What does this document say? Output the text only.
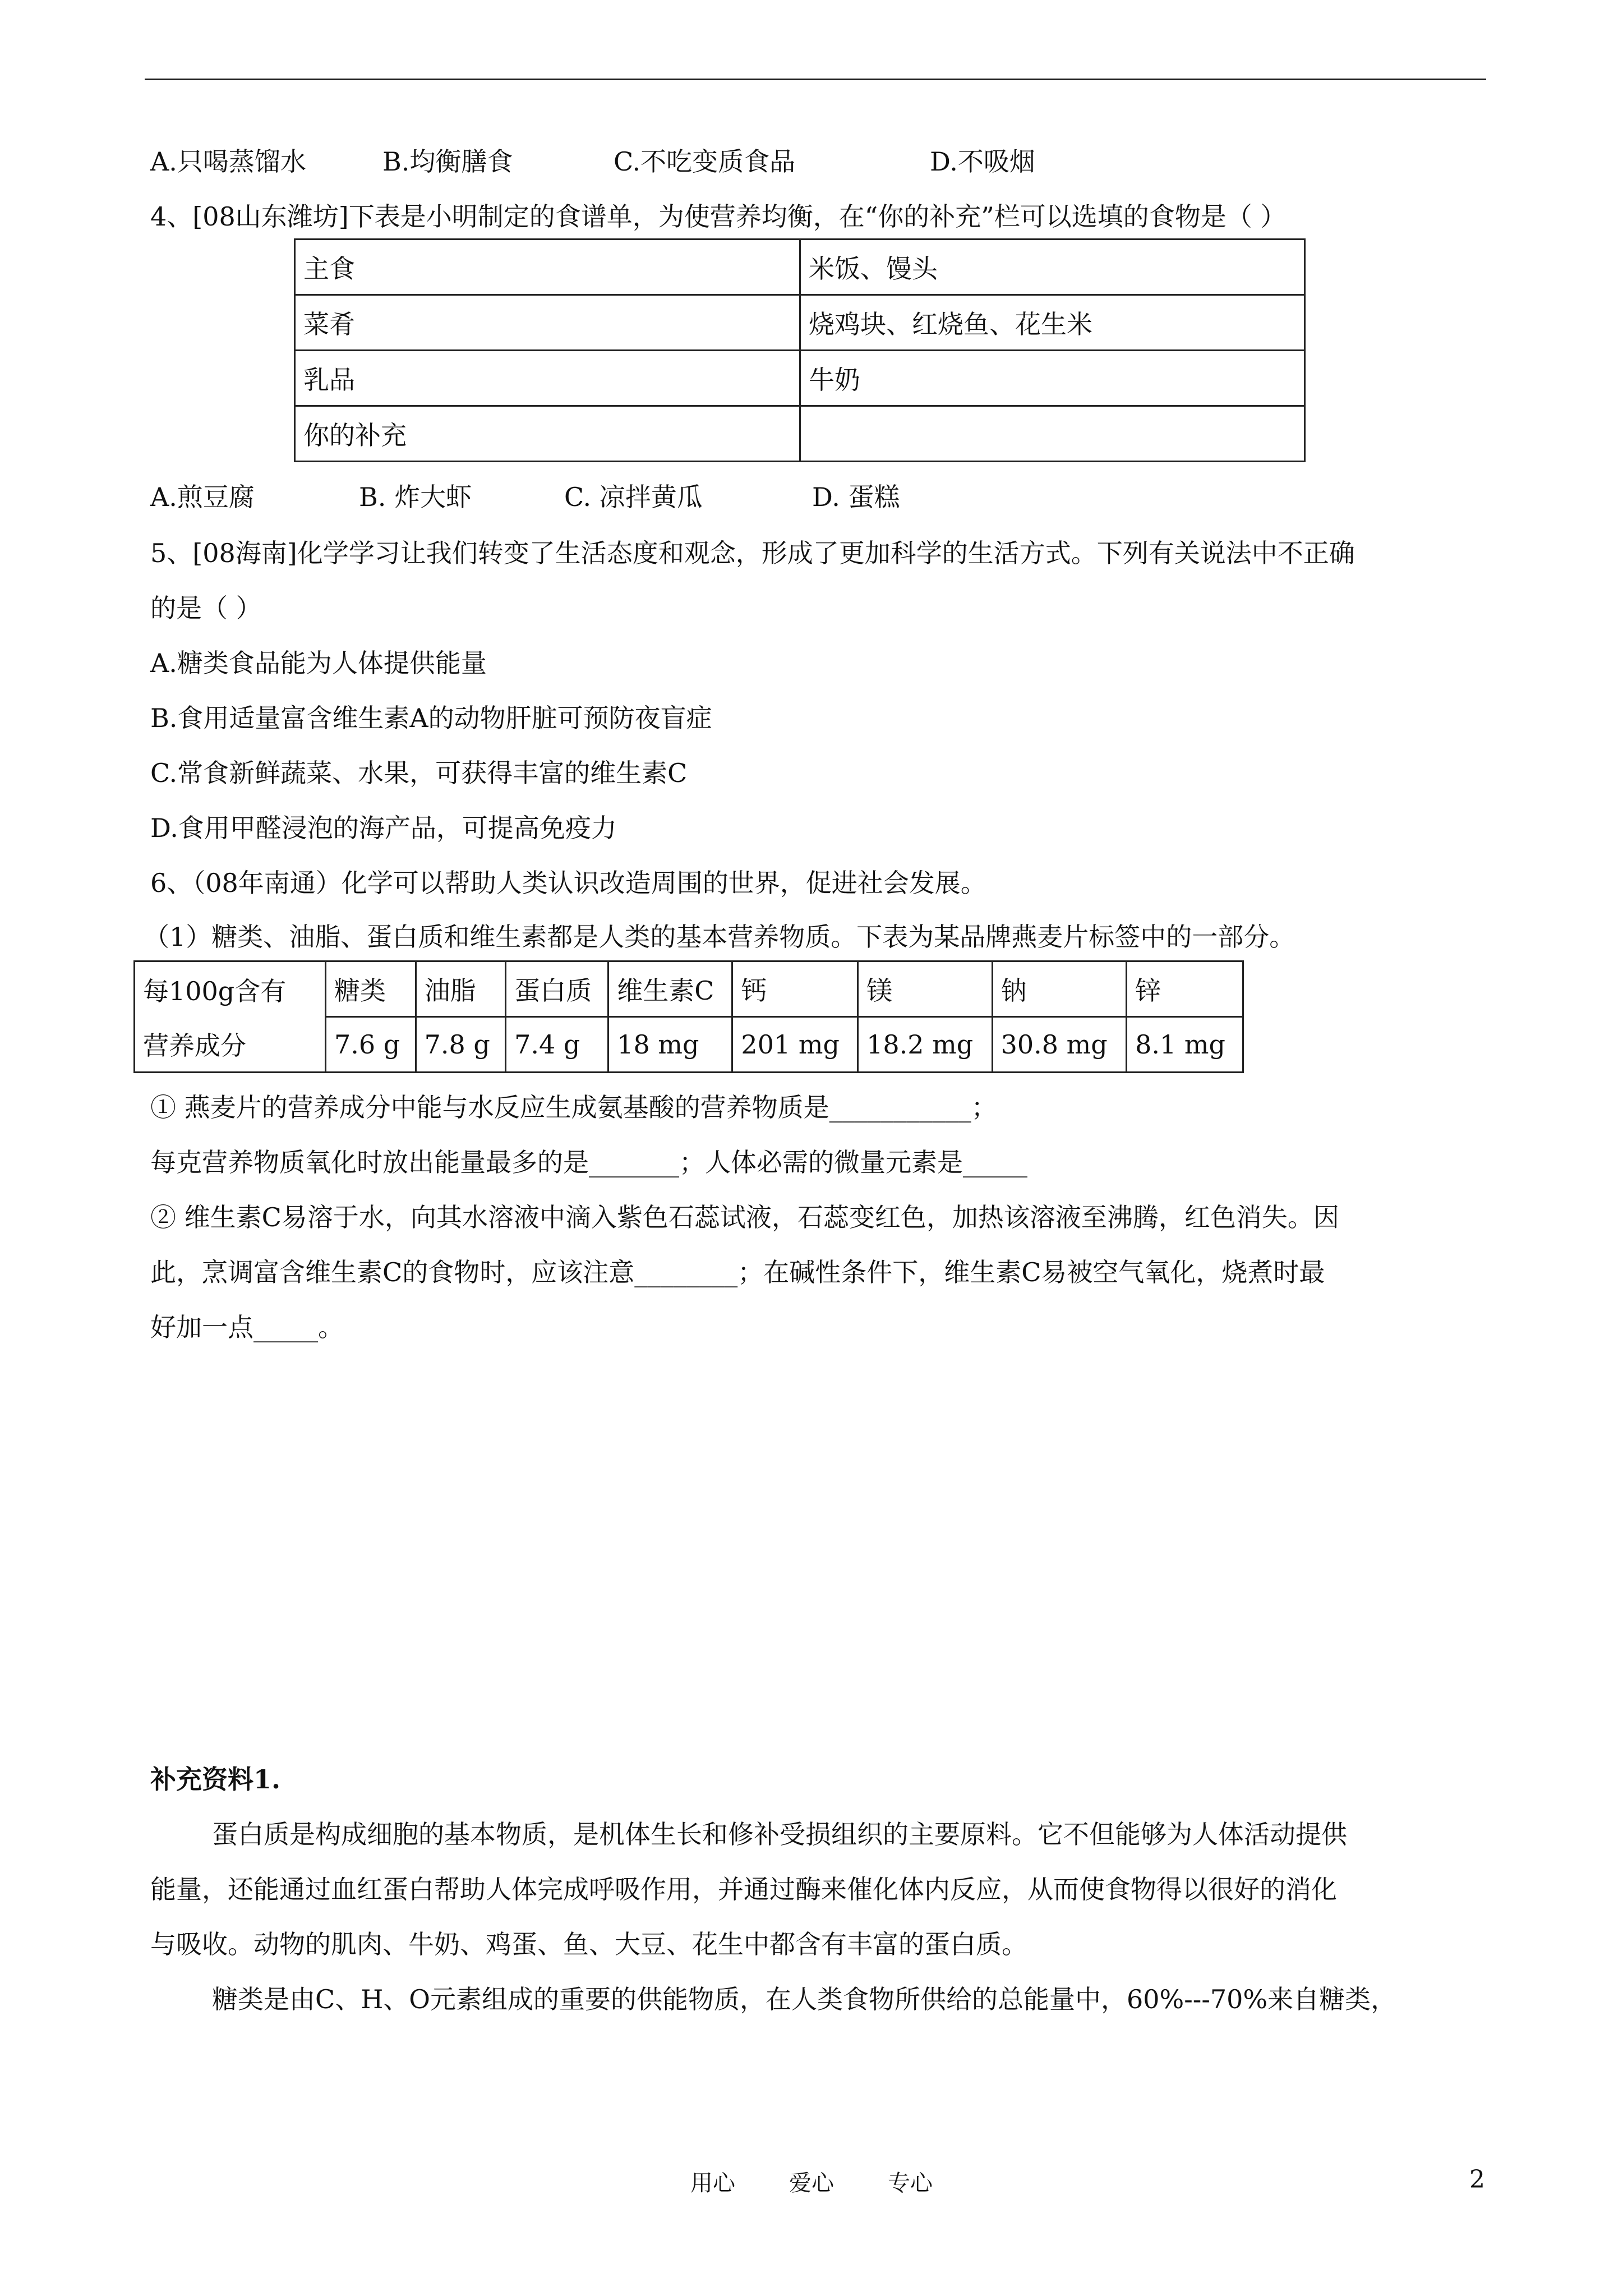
A.只喝蒸馏水	B.均衡膳食	C.不吃变质食品	D.不吸烟
4、[08山东潍坊]下表是小明制定的食谱单，为使营养均衡，在“你的补充”栏可以选填的食物是（ ）
主食	米饭、馒头
菜肴	烧鸡块、红烧鱼、花生米
乳品	牛奶
你的补充	
A.煎豆腐	B. 炸大虾	C. 凉拌黄瓜	D. 蛋糕
5、[08海南]化学学习让我们转变了生活态度和观念，形成了更加科学的生活方式。下列有关说法中不正确
的是（ ）
A.糖类食品能为人体提供能量
B.食用适量富含维生素A的动物肝脏可预防夜盲症
C.常食新鲜蔬菜、水果，可获得丰富的维生素C
D.食用甲醛浸泡的海产品，可提高免疫力
6、（08年南通）化学可以帮助人类认识改造周围的世界，促进社会发展。
（1）糖类、油脂、蛋白质和维生素都是人类的基本营养物质。下表为某品牌燕麦片标签中的一部分。
每100g含有	糖类	油脂	蛋白质	维生素C	钙	镁	钠	锌
营养成分	7.6 g	7.8 g	7.4 g	18 mg	201 mg	18.2 mg	30.8 mg	8.1 mg
① 燕麦片的营养成分中能与水反应生成氨基酸的营养物质是___________；
每克营养物质氧化时放出能量最多的是_______；人体必需的微量元素是_____
② 维生素C易溶于水，向其水溶液中滴入紫色石蕊试液，石蕊变红色，加热该溶液至沸腾，红色消失。因
此，烹调富含维生素C的食物时，应该注意________；在碱性条件下，维生素C易被空气氧化，烧煮时最
好加一点_____。
补充资料1.
蛋白质是构成细胞的基本物质，是机体生长和修补受损组织的主要原料。它不但能够为人体活动提供
能量，还能通过血红蛋白帮助人体完成呼吸作用，并通过酶来催化体内反应，从而使食物得以很好的消化
与吸收。动物的肌肉、牛奶、鸡蛋、鱼、大豆、花生中都含有丰富的蛋白质。
糖类是由C、H、O元素组成的重要的供能物质，在人类食物所供给的总能量中，60%---70%来自糖类，
用心 爱心 专心	2
